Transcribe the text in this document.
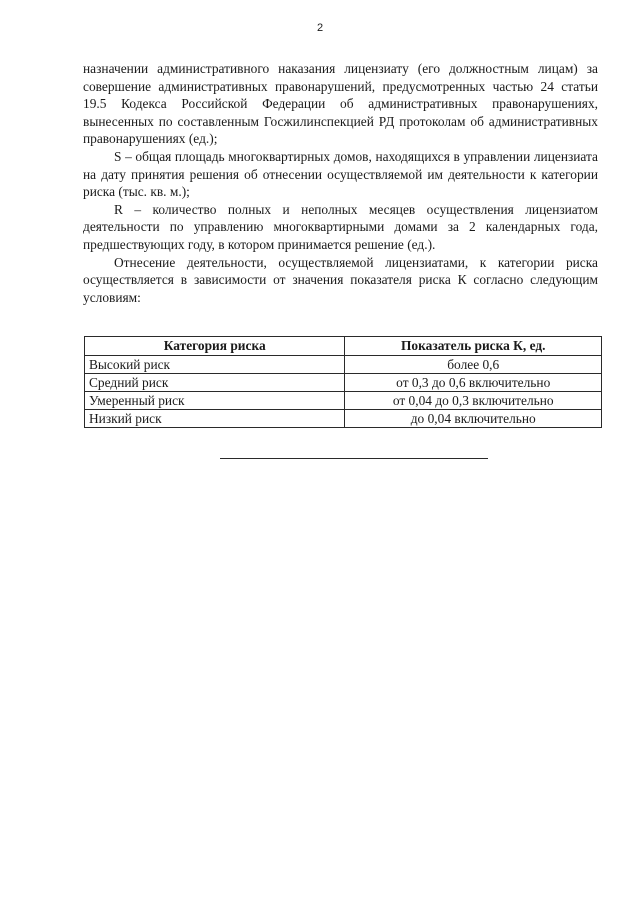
2

назначении административного наказания лицензиату (его должностным лицам) за совершение административных правонарушений, предусмотренных частью 24 статьи 19.5 Кодекса Российской Федерации об административных правонарушениях, вынесенных по составленным Госжилинспекцией РД протоколам об административных правонарушениях (ед.);

S – общая площадь многоквартирных домов, находящихся в управлении лицензиата на дату принятия решения об отнесении осуществляемой им деятельности к категории риска (тыс. кв. м.);

R – количество полных и неполных месяцев осуществления лицензиатом деятельности по управлению многоквартирными домами за 2 календарных года, предшествующих году, в котором принимается решение (ед.).

Отнесение деятельности, осуществляемой лицензиатами, к категории риска осуществляется в зависимости от значения показателя риска К согласно следующим условиям:

Категория риска	Показатель риска К, ед.
Высокий риск	более 0,6
Средний риск	от 0,3 до 0,6 включительно
Умеренный риск	от 0,04 до 0,3 включительно
Низкий риск	до 0,04 включительно
